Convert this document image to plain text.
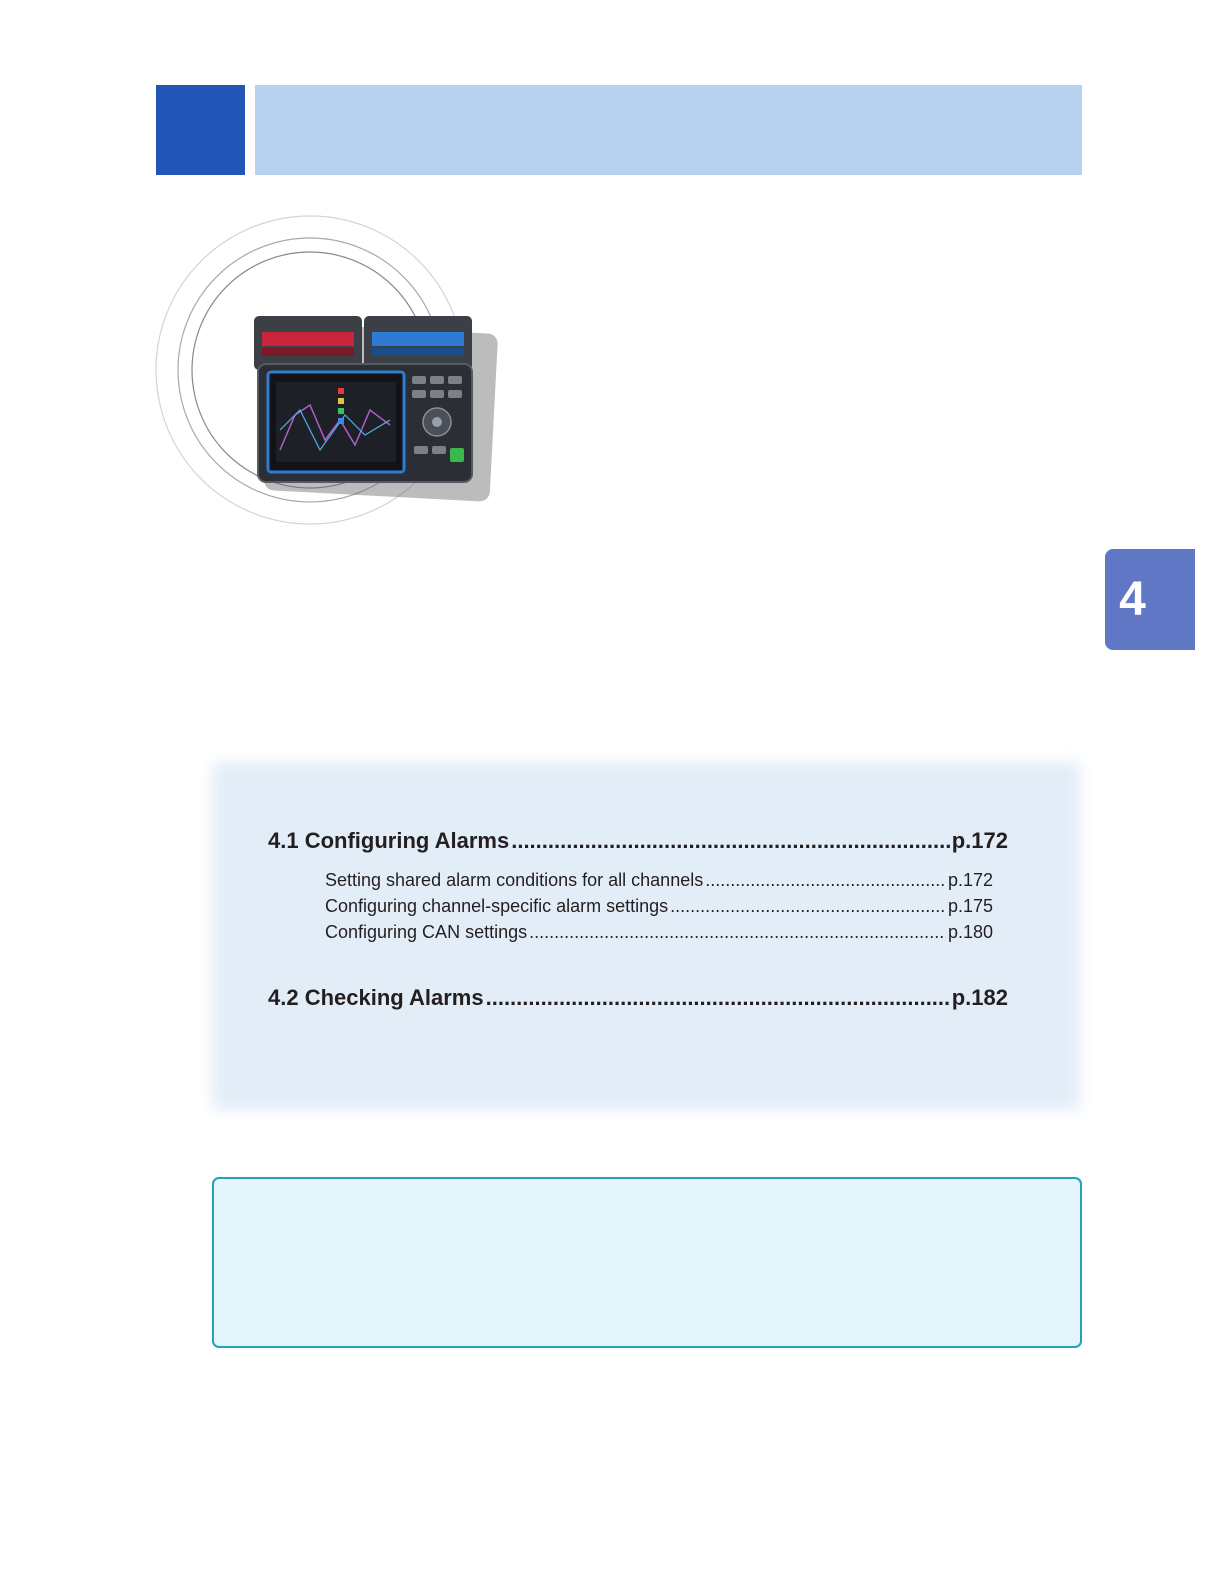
4
4.1 Configuring Alarms .....	p.172
Setting shared alarm conditions for all channels .....	p.172
Configuring channel-specific alarm settings .....	p.175
Configuring CAN settings .....	p.180
4.2 Checking Alarms .....	p.182
